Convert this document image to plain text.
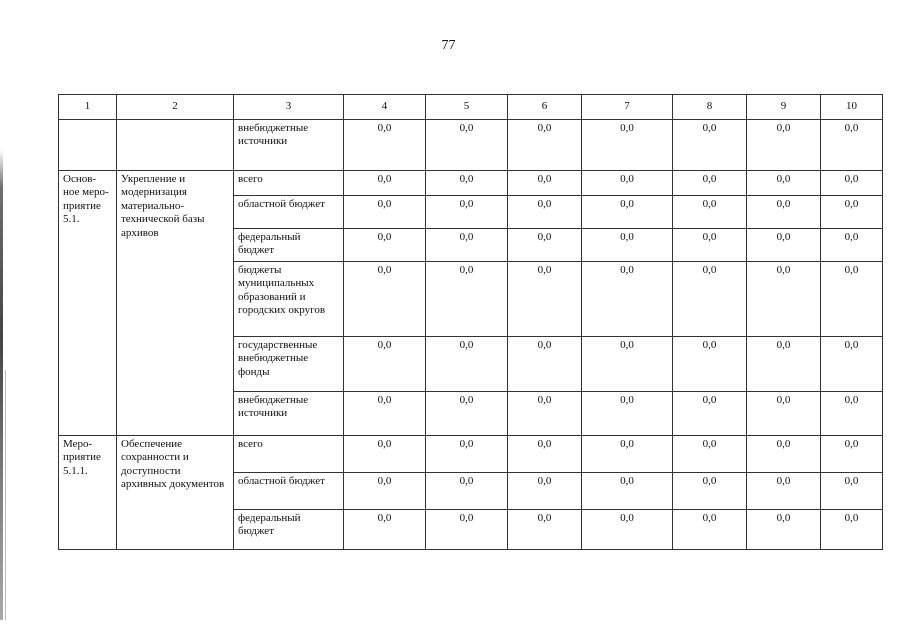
77
1	2	3	4	5	6	7	8	9	10
		внебюджетные источники	0,0	0,0	0,0	0,0	0,0	0,0	0,0
Основ-ное меро-приятие 5.1.	Укрепление и модернизация материально-технической базы архивов	всего	0,0	0,0	0,0	0,0	0,0	0,0	0,0
		областной бюджет	0,0	0,0	0,0	0,0	0,0	0,0	0,0
		федеральный бюджет	0,0	0,0	0,0	0,0	0,0	0,0	0,0
		бюджеты муниципальных образований и городских округов	0,0	0,0	0,0	0,0	0,0	0,0	0,0
		государственные внебюджетные фонды	0,0	0,0	0,0	0,0	0,0	0,0	0,0
		внебюджетные источники	0,0	0,0	0,0	0,0	0,0	0,0	0,0
Меро-приятие 5.1.1.	Обеспечение сохранности и доступности архивных документов	всего	0,0	0,0	0,0	0,0	0,0	0,0	0,0
		областной бюджет	0,0	0,0	0,0	0,0	0,0	0,0	0,0
		федеральный бюджет	0,0	0,0	0,0	0,0	0,0	0,0	0,0
